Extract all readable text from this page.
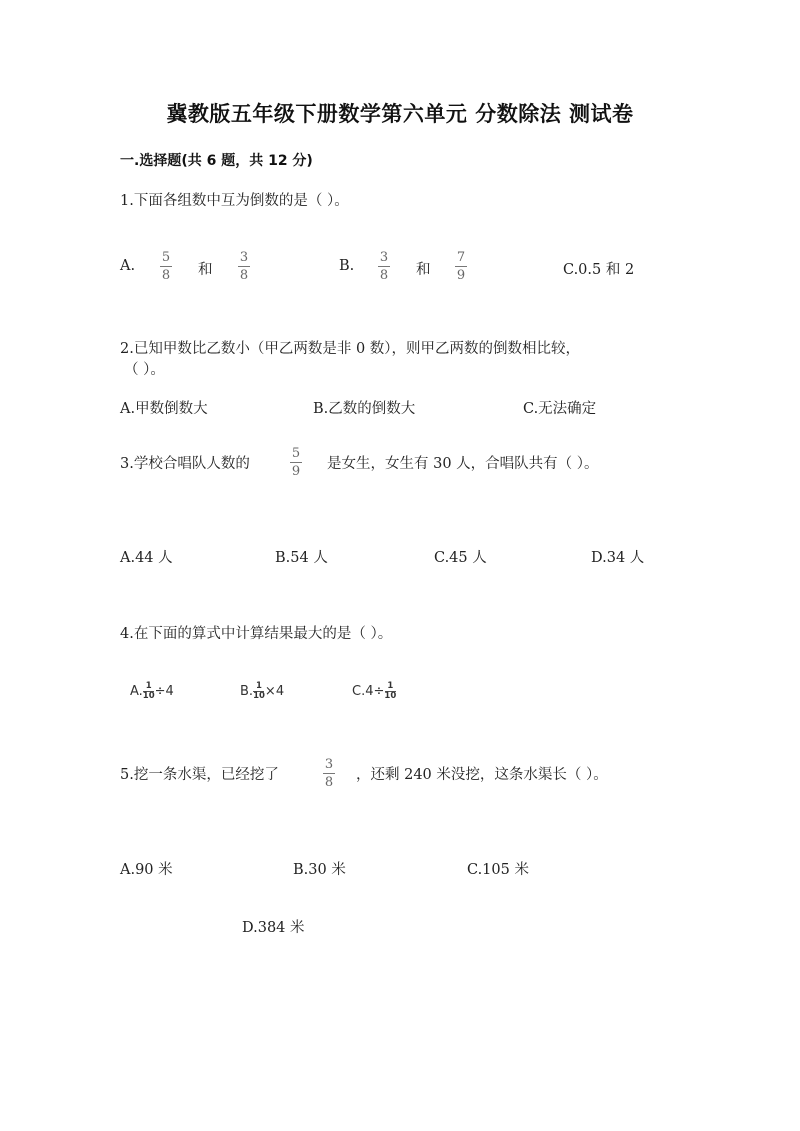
冀教版五年级下册数学第六单元 分数除法 测试卷
一.选择题(共 6 题，共 12 分)
1.下面各组数中互为倒数的是（ ）。
A.
5
8 和
3
8
B.
3
8 和
7
9	C.0.5 和 2
2.已知甲数比乙数小（甲乙两数是非 0 数），则甲乙两数的倒数相比较，
（ ）。
A.甲数倒数大	B.乙数的倒数大	C.无法确定
3.学校合唱队人数的
5
9 是女生，女生有 30 人，合唱队共有（ ）。
A.44 人	B.54 人	C.45 人	D.34 人
4.在下面的算式中计算结果最大的是（ ）。
A. $\frac{1}{10} \div 4$	B. $\frac{1}{10} \times 4$	$C.4\div \frac{1}{10}$
5.挖一条水渠，已经挖了
3
8 ，还剩 240 米没挖，这条水渠长（ ）。
A.90 米	B.30 米	C.105 米
D.384 米
